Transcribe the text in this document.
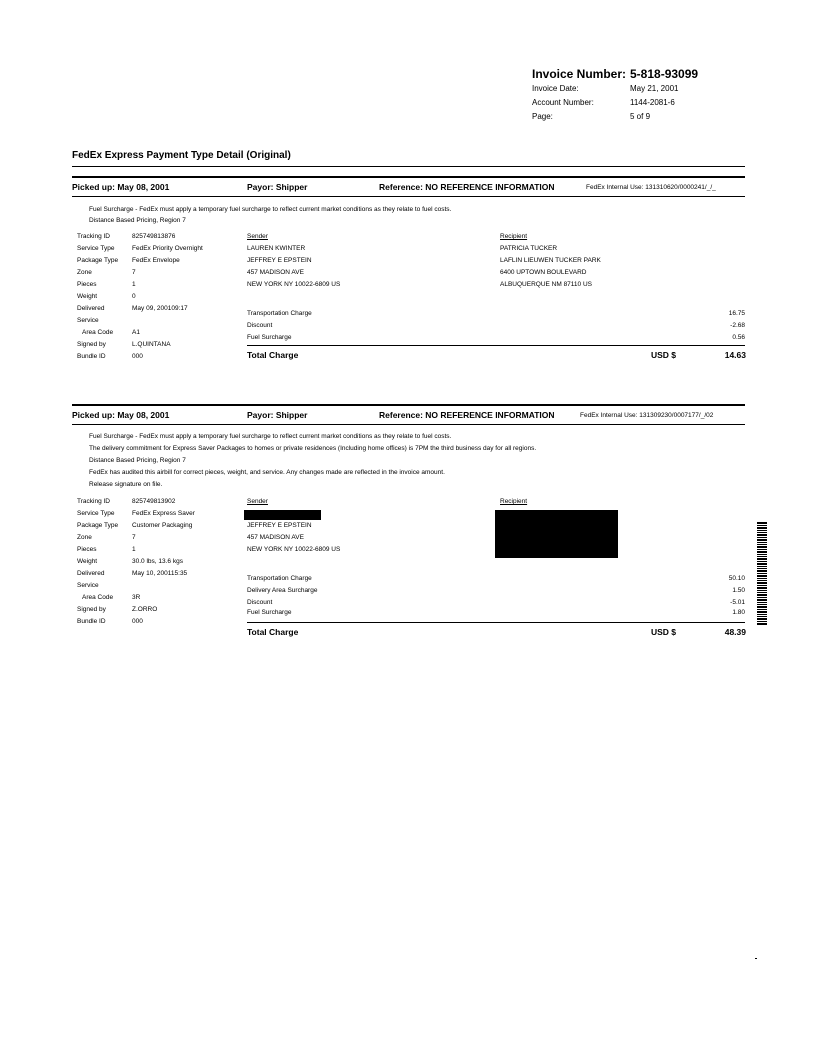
Invoice Number: 5-818-93099
Invoice Date:	May 21, 2001
Account Number:	1144-2081-6
Page:	5 of 9
FedEx Express Payment Type Detail (Original)
Picked up: May 08, 2001	Payor: Shipper	Reference: NO REFERENCE INFORMATION	FedEx Internal Use: 131310620/0000241/_/_
Fuel Surcharge - FedEx must apply a temporary fuel surcharge to reflect current market conditions as they relate to fuel costs.
Distance Based Pricing, Region 7
Tracking ID	825749813876
Service Type	FedEx Priority Overnight
Package Type FedEx Envelope
Zone	7
Pieces	1
Weight	0
Delivered	May 09, 200109:17
Service
Area Code	A1
Signed by	L.QUINTANA
Bundle ID	000
Sender
LAUREN KWINTER
JEFFREY E EPSTEIN
457 MADISON AVE
NEW YORK NY 10022-6809 US
Recipient
PATRICIA TUCKER
LAFLIN LIEUWEN TUCKER PARK
6400 UPTOWN BOULEVARD
ALBUQUERQUE NM 87110 US
Transportation Charge	16.75
Discount	-2.68
Fuel Surcharge	0.56
Total Charge	USD $	14.63
Picked up: May 08, 2001	Payor: Shipper	Reference: NO REFERENCE INFORMATION	FedEx Internal Use: 131309230/0007177/_/02
Fuel Surcharge - FedEx must apply a temporary fuel surcharge to reflect current market conditions as they relate to fuel costs.
The delivery commitment for Express Saver Packages to homes or private residences (Including home offices) is 7PM the third business day for all regions.
Distance Based Pricing, Region 7
FedEx has audited this airbill for correct pieces, weight, and service. Any changes made are reflected in the invoice amount.
Release signature on file.
Tracking ID	825749813902
Service Type	FedEx Express Saver
Package Type Customer Packaging
Zone	7
Pieces	1
Weight	30.0 lbs, 13.6 kgs
Delivered	May 10, 200115:35
Service
Area Code	3R
Signed by	Z.ORRO
Bundle ID	000
Sender
JEFFREY E EPSTEIN
457 MADISON AVE
NEW YORK NY 10022-6809 US
Recipient
Transportation Charge	50.10
Delivery Area Surcharge	1.50
Discount	-5.01
Fuel Surcharge	1.80
Total Charge	USD $	48.39
